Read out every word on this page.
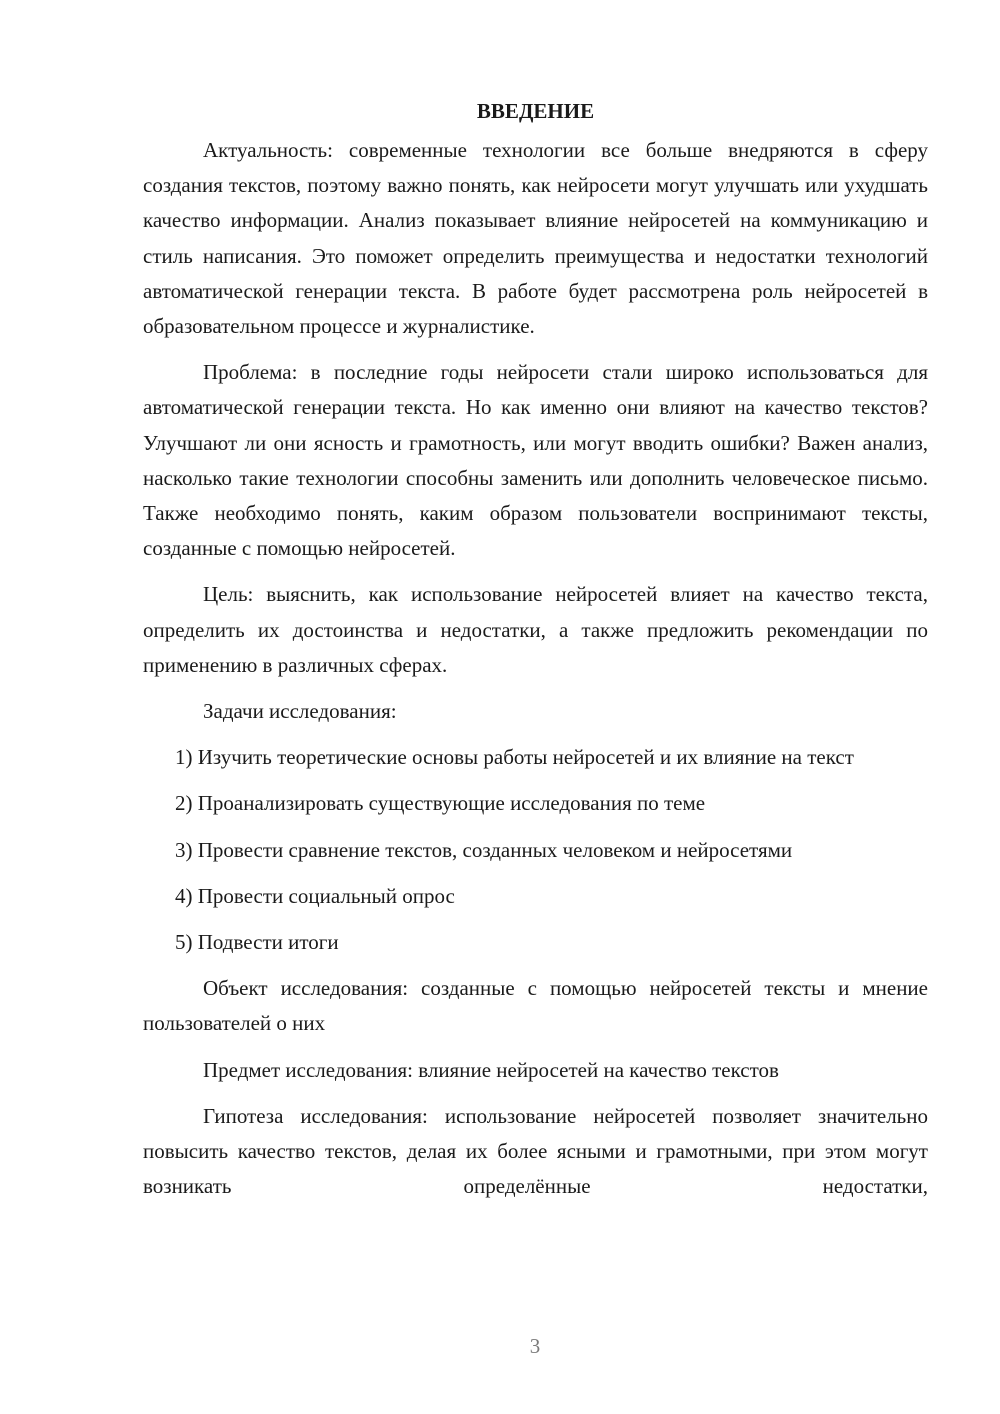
ВВЕДЕНИЕ

Актуальность: современные технологии все больше внедряются в сферу создания текстов, поэтому важно понять, как нейросети могут улучшать или ухудшать качество информации. Анализ показывает влияние нейросетей на коммуникацию и стиль написания. Это поможет определить преимущества и недостатки технологий автоматической генерации текста. В работе будет рассмотрена роль нейросетей в образовательном процессе и журналистике.

Проблема: в последние годы нейросети стали широко использоваться для автоматической генерации текста. Но как именно они влияют на качество текстов? Улучшают ли они ясность и грамотность, или могут вводить ошибки? Важен анализ, насколько такие технологии способны заменить или дополнить человеческое письмо. Также необходимо понять, каким образом пользователи воспринимают тексты, созданные с помощью нейросетей.

Цель: выяснить, как использование нейросетей влияет на качество текста, определить их достоинства и недостатки, а также предложить рекомендации по применению в различных сферах.

Задачи исследования:

1) Изучить теоретические основы работы нейросетей и их влияние на текст

2) Проанализировать существующие исследования по теме

3) Провести сравнение текстов, созданных человеком и нейросетями

4) Провести социальный опрос

5) Подвести итоги

Объект исследования: созданные с помощью нейросетей тексты и мнение пользователей о них

Предмет исследования: влияние нейросетей на качество текстов

Гипотеза исследования: использование нейросетей позволяет значительно повысить качество текстов, делая их более ясными и грамотными, при этом могут возникать определённые недостатки,

3
